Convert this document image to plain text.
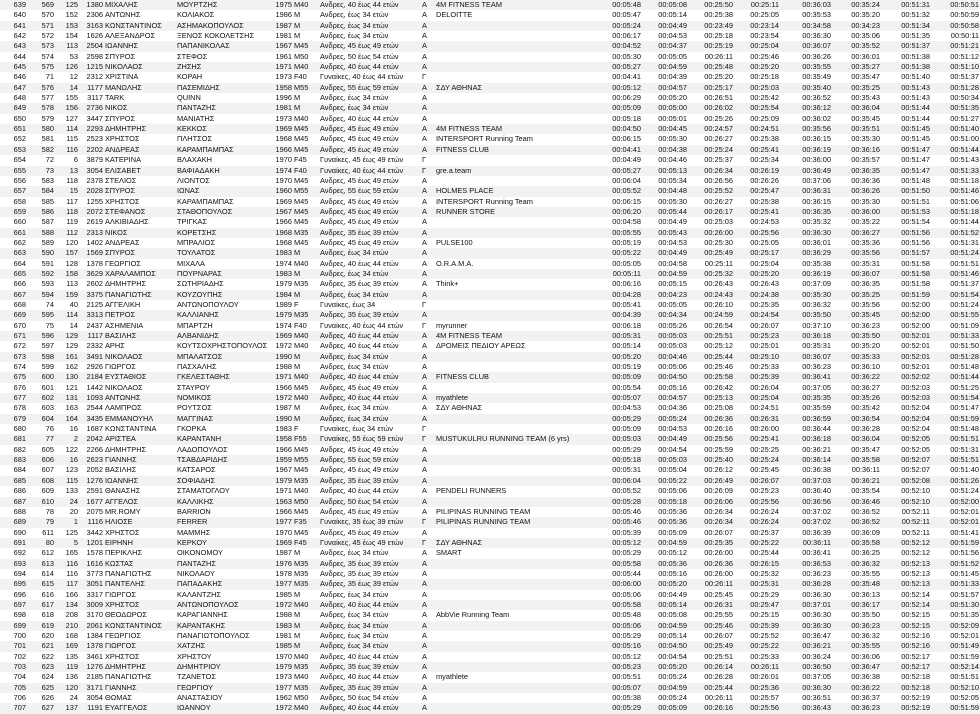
639	569	125	1380	ΜΙΧΑΛΗΣ	ΜΟΥΡΤΖΗΣ	1975	M40	Ανδρες, 40 έως 44 ετών	Α	4M FITNESS TEAM	00:05:48	00:05:08	00:25:50	00:25:11	00:36:03	00:35:24	00:51:31	00:50:51
640	570	152	2306	ΑΝΤΩΝΗΣ	ΚΟΛΙΑΚΟΣ	1986	M	Ανδρες, έως 34 ετών	Α	DELOITTE	00:05:47	00:05:14	00:25:38	00:25:05	00:35:53	00:35:20	00:51:32	00:50:59
641	571	153	3163	ΚΩΝΣΤΑΝΤΙΝΟΣ	ΑΣΗΜΑΚΟΠΟΥΛΟΣ	1987	M	Ανδρες, έως 34 ετών	Α		00:05:24	00:04:49	00:23:49	00:23:14	00:34:58	00:34:23	00:51:34	00:50:58
642	572	154	1626	ΑΛΕΞΑΝΔΡΟΣ	ΞΕΝΟΣ ΚΟΚΟΛΕΤΣΗΣ	1981	M	Ανδρες, έως 34 ετών	Α		00:06:17	00:04:53	00:25:18	00:23:54	00:36:30	00:35:06	00:51:35	00:50:11
643	573	113	2504	ΙΩΑΝΝΗΣ	ΠΑΠΑΝΙΚΟΛΑΣ	1967	M45	Ανδρες, 45 έως 49 ετών	Α		00:04:52	00:04:37	00:25:19	00:25:04	00:36:07	00:35:52	00:51:37	00:51:21
644	574	53	2598	ΣΠΥΡΟΣ	ΣΤΕΦΟΣ	1961	M50	Ανδρες, 50 έως 54 ετών	Α		00:05:30	00:05:05	00:26:11	00:25:46	00:36:26	00:36:01	00:51:38	00:51:12
645	575	126	1215	ΝΙΚΟΛΑΟΣ	ΖΗΣΗΣ	1971	M40	Ανδρες, 40 έως 44 ετών	Α		00:05:27	00:04:59	00:25:48	00:25:20	00:35:55	00:35:27	00:51:38	00:51:10
646	71	12	2312	ΧΡΙΣΤΙΝΑ	ΚΟΡΑΗ	1973	F40	Γυναίκες, 40 έως 44 ετών	Γ		00:04:41	00:04:39	00:25:20	00:25:18	00:35:49	00:35:47	00:51:40	00:51:37
647	576	14	1177	ΜΑΝΩΛΗΣ	ΠΑΣΕΜΙΔΗΣ	1958	M55	Ανδρες, 55 έως 59 ετών	Α	ΣΔΥ ΑΘΗΝΑΣ	00:05:12	00:04:57	00:25:17	00:25:03	00:35:40	00:35:25	00:51:43	00:51:28
648	577	155	3117	TARK	QUINN	1996	M	Ανδρες, έως 34 ετών	Α		00:06:29	00:05:20	00:26:51	00:25:42	00:36:52	00:35:43	00:51:43	00:50:34
649	578	156	2736	ΝΙΚΟΣ	ΠΑΝΤΑΖΗΣ	1981	M	Ανδρες, έως 34 ετών	Α		00:05:09	00:05:00	00:26:02	00:25:54	00:36:12	00:36:04	00:51:44	00:51:35
650	579	127	3447	ΣΠΥΡΟΣ	ΜΑΝΙΑΤΗΣ	1973	M40	Ανδρες, 40 έως 44 ετών	Α		00:05:18	00:05:01	00:25:26	00:25:09	00:36:02	00:35:45	00:51:44	00:51:27
651	580	114	2293	ΔΗΜΗΤΡΗΣ	ΚΕΚΚΟΣ	1969	M45	Ανδρες, 45 έως 49 ετών	Α	4M FITNESS TEAM	00:04:50	00:04:45	00:24:57	00:24:51	00:35:56	00:35:51	00:51:45	00:51:40
652	581	115	2523	ΧΡΗΣΤΟΣ	ΠΛΗΤΣΟΣ	1968	M45	Ανδρες, 45 έως 49 ετών	Α	INTERSPORT Running Team	00:06:15	00:05:30	00:26:27	00:25:38	00:36:15	00:35:30	00:51:45	00:51:00
653	582	116	2202	ΑΝΔΡΕΑΣ	ΚΑΡΑΜΠΑΜΠΑΣ	1966	M45	Ανδρες, 45 έως 49 ετών	Α	FITNESS CLUB	00:04:41	00:04:38	00:25:24	00:25:41	00:36:19	00:36:16	00:51:47	00:51:44
654	72	6	3879	ΚΑΤΕΡΙΝΑ	ΒΛΑΧΑΚΗ	1970	F45	Γυναίκες, 45 έως 49 ετών	Γ		00:04:49	00:04:46	00:25:37	00:25:34	00:36:00	00:35:57	00:51:47	00:51:43
655	73	13	3054	ΕΛΙΣΑΒΕΤ	ΒΑΦΙΑΔΑΚΗ	1974	F40	Γυναίκες, 40 έως 44 ετών	Γ	gre.a.team	00:05:27	00:05:13	00:26:34	00:26:19	00:36:49	00:36:35	00:51:47	00:51:33
656	583	118	2378	ΣΤΕΛΙΟΣ	ΛΙΟΝΤΟΣ	1970	M45	Ανδρες, 45 έως 49 ετών	Α		00:06:04	00:05:34	00:26:56	00:26:26	00:37:06	00:36:36	00:51:48	00:51:18
657	584	15	2028	ΣΠΥΡΟΣ	ΙΩΝΑΣ	1960	M55	Ανδρες, 55 έως 59 ετών	Α	HOLMES PLACE	00:05:52	00:04:48	00:25:52	00:25:47	00:36:31	00:36:26	00:51:50	00:51:46
658	585	117	1255	ΧΡΗΣΤΟΣ	ΚΑΡΑΜΠΑΜΠΑΣ	1969	M45	Ανδρες, 45 έως 49 ετών	Α	INTERSPORT Running Team	00:06:15	00:05:30	00:26:27	00:25:38	00:36:15	00:35:30	00:51:51	00:51:06
659	586	118	2072	ΣΤΕΦΑΝΟΣ	ΣΤΑΘΟΠΟΥΛΟΣ	1967	M45	Ανδρες, 45 έως 49 ετών	Α	RUNNER STORE	00:06:20	00:05:44	00:26:17	00:25:41	00:36:35	00:36:00	00:51:53	00:51:18
660	587	119	2619	ΑΛΚΙΒΙΑΔΗΣ	ΤΡΙΓΚΑΣ	1966	M45	Ανδρες, 45 έως 49 ετών	Α		00:04:58	00:04:49	00:25:03	00:24:53	00:35:32	00:35:22	00:51:54	00:51:44
661	588	112	2313	ΝΙΚΟΣ	ΚΟΡΕΤΣΗΣ	1968	M35	Ανδρες, 35 έως 39 ετών	Α		00:05:55	00:05:43	00:26:00	00:25:56	00:36:30	00:36:27	00:51:56	00:51:52
662	589	120	1402	ΑΝΔΡΕΑΣ	ΜΠΡΑΛΙΟΣ	1968	M45	Ανδρες, 45 έως 49 ετών	Α	PULSE100	00:05:19	00:04:53	00:25:30	00:25:05	00:36:01	00:35:36	00:51:56	00:51:31
663	590	157	1569	ΣΠΥΡΟΣ	ΤΟΥΛΑΤΟΣ	1983	M	Ανδρες, έως 34 ετών	Α		00:05:22	00:04:49	00:25:49	00:25:17	00:36:29	00:35:56	00:51:57	00:51:24
664	591	128	1378	ΓΕΩΡΓΙΟΣ	ΜΙΧΑΛΑ	1974	M40	Ανδρες, 40 έως 44 ετών	Α	O.R.A.M.A.	00:05:05	00:04:58	00:25:11	00:25:04	00:35:38	00:35:31	00:51:58	00:51:51
665	592	158	3629	ΧΑΡΑΛΑΜΠΟΣ	ΠΟΥΡΝΑΡΑΣ	1983	M	Ανδρες, έως 34 ετών	Α		00:05:11	00:04:59	00:25:32	00:25:20	00:36:19	00:36:07	00:51:58	00:51:46
666	593	113	2602	ΔΗΜΗΤΡΗΣ	ΣΩΤΗΡΙΑΔΗΣ	1979	M35	Ανδρες, 35 έως 39 ετών	Α	Think+	00:06:16	00:05:15	00:26:43	00:26:43	00:37:09	00:36:35	00:51:58	00:51:37
667	594	159	3375	ΠΑΝΑΓΙΩΤΗΣ	ΚΟΥΖΟΥΠΗΣ	1984	M	Ανδρες, έως 34 ετών	Α		00:04:28	00:04:23	00:24:43	00:24:38	00:35:30	00:35:25	00:51:59	00:51:54
668	74	40	2125	ΑΓΓΕΛΙΚΗ	ΑΝΤΩΝΟΠΟΥΛΟΥ	1989	F	Γυναίκες, έως 34	Γ		00:05:41	00:05:05	00:26:10	00:25:35	00:36:32	00:35:56	00:52:00	00:51:24
669	595	114	3313	ΠΕΤΡΟΣ	ΚΑΛΛΙΑΝΗΣ	1979	M35	Ανδρες, 35 έως 39 ετών	Α		00:04:39	00:04:34	00:24:59	00:24:54	00:35:50	00:35:45	00:52:00	00:51:55
670	75	14	2437	ΑΣΗΜΕΝΙΑ	ΜΠΑΡΤΖΗ	1974	F40	Γυναίκες, 40 έως 44 ετών	Γ	myrunner	00:06:18	00:05:26	00:26:54	00:26:07	00:37:10	00:36:23	00:52:00	00:51:09
671	596	129	1117	ΒΑΣΙΛΗΣ	ΑΛΒΑΝΙΔΗΣ	1969	M40	Ανδρες, 40 έως 44 ετών	Α	4M FITNESS TEAM	00:05:31	00:05:03	00:25:51	00:25:23	00:36:18	00:35:50	00:52:01	00:51:33
672	597	129	2332	ΑΡΗΣ	ΚΟΥΤΣΟΧΡΗΣΤΟΠΟΥΛΟΣ	1972	M40	Ανδρες, 40 έως 44 ετών	Α	ΔΡΟΜΕΙΣ ΠΕΔΙΟΥ ΑΡΕΩΣ	00:05:14	00:05:03	00:25:12	00:25:01	00:35:31	00:35:20	00:52:01	00:51:50
673	598	161	3491	ΝΙΚΟΛΑΟΣ	ΜΠΑΛΑΤΣΟΣ	1990	M	Ανδρες, έως 34 ετών	Α		00:05:20	00:04:46	00:25:44	00:25:10	00:36:07	00:35:33	00:52:01	00:51:28
674	599	162	2926	ΓΙΩΡΓΟΣ	ΠΑΣΧΑΛΗΣ	1988	M	Ανδρες, έως 34 ετών	Α		00:05:19	00:05:06	00:25:46	00:25:33	00:36:23	00:36:10	00:52:01	00:51:48
675	600	130	2184	ΕΥΣΤΑΘΙΟΣ	ΓΚΕΛΕΣΤΑΘΗΣ	1971	M40	Ανδρες, 40 έως 44 ετών	Α	FITNESS CLUB	00:05:09	00:04:50	00:25:58	00:25:39	00:36:41	00:36:22	00:52:02	00:51:44
676	601	121	1442	ΝΙΚΟΛΑΟΣ	ΣΤΑΥΡΟΥ	1966	M45	Ανδρες, 45 έως 49 ετών	Α		00:05:54	00:05:16	00:26:42	00:26:04	00:37:05	00:36:27	00:52:03	00:51:25
677	602	131	1093	ΑΝΤΩΝΗΣ	ΝΟΜΙΚΟΣ	1972	M40	Ανδρες, 40 έως 44 ετών	Α	myathlete	00:05:07	00:04:57	00:25:13	00:25:04	00:35:35	00:35:26	00:52:03	00:51:54
678	603	163	2544	ΛΑΜΠΡΟΣ	ΡΟΥΤΣΟΣ	1987	M	Ανδρες, έως 34 ετών	Α	ΣΔΥ ΑΘΗΝΑΣ	00:04:53	00:04:36	00:25:08	00:24:51	00:35:59	00:35:42	00:52:04	00:51:47
679	604	164	3435	ΕΜΜΑΝΟΥΗΛ	ΜΑΓΓΙΝΑΣ	1990	M	Ανδρες, έως 34 ετών	Α		00:05:29	00:05:24	00:26:36	00:26:31	00:36:59	00:36:54	00:52:04	00:51:59
680	76	16	1687	ΚΩΝΣΤΑΝΤΙΝΑ	ΓΚΟΡΚΑ	1983	F	Γυναίκες, έως 34 ετών	Γ		00:05:09	00:04:53	00:26:16	00:26:00	00:36:44	00:36:28	00:52:04	00:51:48
681	77	2	2042	ΑΡΙΣΤΕΑ	ΚΑΡΑΝΤΑΝΗ	1958	F55	Γυναίκες, 55 έως 59 ετών	Γ	MUSTUKULRU RUNNING TEAM (6 yrs)	00:05:03	00:04:49	00:25:56	00:25:41	00:36:18	00:36:04	00:52:05	00:51:51
682	605	122	2266	ΔΗΜΗΤΡΗΣ	ΛΑΔΟΠΟΥΛΟΣ	1966	M45	Ανδρες, 45 έως 49 ετών	Α		00:05:29	00:04:54	00:25:59	00:25:25	00:36:21	00:35:47	00:52:05	00:51:31
683	606	16	2623	ΓΙΑΝΝΗΣ	ΤΣΑΒΔΑΡΙΔΗΣ	1959	M55	Ανδρες, 55 έως 59 ετών	Α		00:05:18	00:05:03	00:25:40	00:25:24	00:36:14	00:35:58	00:52:07	00:51:51
684	607	123	2052	ΒΑΣΙΛΗΣ	ΚΑΤΣΑΡΟΣ	1967	M45	Ανδρες, 45 έως 49 ετών	Α		00:05:31	00:05:04	00:26:12	00:25:45	00:36:38	00:36:11	00:52:07	00:51:40
685	608	115	1276	ΙΩΑΝΝΗΣ	ΣΟΦΙΑΔΗΣ	1979	M35	Ανδρες, 35 έως 39 ετών	Α		00:06:04	00:05:22	00:26:49	00:26:07	00:37:03	00:36:21	00:52:08	00:51:26
686	609	133	2591	ΘΑΝΑΣΗΣ	ΣΤΑΜΑΤΟΓΛΟΥ	1971	M40	Ανδρες, 40 έως 44 ετών	Α	PENDELI RUNNERS	00:05:52	00:05:06	00:26:09	00:25:23	00:36:40	00:35:54	00:52:10	00:51:24
687	610	24	1677	ΑΓΓΕΛΟΣ	ΚΑΛΛΙΚΗΣ	1963	M50	Ανδρες, 50 έως 54 ετών	Α		00:05:28	00:05:18	00:26:06	00:25:56	00:36:56	00:36:46	00:52:10	00:52:00
688	78	20	2075	MR.ROMY	BARRION	1966	M45	Ανδρες, 45 έως 49 ετών	Α	PILIPINAS RUNNING TEAM	00:05:46	00:05:36	00:26:34	00:26:24	00:37:02	00:36:52	00:52:11	00:52:01
689	79	1	1116	ΗΛΙΟΣΕ	FERRER	1977	F35	Γυναίκες, 35 έως 39 ετών	Γ	PILIPINAS RUNNING TEAM	00:05:46	00:05:36	00:26:34	00:26:24	00:37:02	00:36:52	00:52:11	00:52:01
690	611	125	3442	ΧΡΗΣΤΟΣ	ΜΑΜΜΗΣ	1970	M45	Ανδρες, 45 έως 49 ετών	Α		00:05:39	00:05:09	00:26:07	00:25:37	00:36:39	00:36:09	00:52:11	00:51:41
691	80	5	1201	ΕΙΡΗΝΗ	ΚΕΡΚΟΥ	1969	F45	Γυναίκες, 45 έως 49 ετών	Γ	ΣΔΥ ΑΘΗΝΑΣ	00:05:12	00:04:59	00:25:35	00:25:22	00:36:11	00:35:58	00:52:12	00:51:59
692	612	165	1578	ΠΕΡΙΚΛΗΣ	ΟΙΚΟΝΟΜΟΥ	1987	M	Ανδρες, έως 34 ετών	Α	SMART	00:05:29	00:05:12	00:26:00	00:25:44	00:36:41	00:36:25	00:52:12	00:51:56
693	613	116	1616	ΚΩΣΤΑΣ	ΠΑΝΤΑΖΗΣ	1976	M35	Ανδρες, 35 έως 39 ετών	Α		00:05:58	00:05:36	00:26:36	00:26:15	00:36:53	00:36:32	00:52:13	00:51:52
694	614	116	3773	ΠΑΝΑΓΙΩΤΗΣ	ΝΙΚΟΛΑΟΥ	1978	M35	Ανδρες, 35 έως 39 ετών	Α		00:05:44	00:05:16	00:26:00	00:25:32	00:36:23	00:35:55	00:52:13	00:51:45
695	615	117	3051	ΠΑΝΤΕΛΗΣ	ΠΑΠΑΔΑΚΗΣ	1977	M35	Ανδρες, 35 έως 39 ετών	Α		00:06:00	00:05:20	00:26:11	00:25:31	00:36:28	00:35:48	00:52:13	00:51:33
696	616	166	3317	ΓΙΩΡΓΟΣ	ΚΑΛΑΝΤΖΗΣ	1985	M	Ανδρες, έως 34 ετών	Α		00:05:06	00:04:49	00:25:45	00:25:29	00:36:30	00:36:13	00:52:14	00:51:57
697	617	134	3009	ΧΡΗΣΤΟΣ	ΑΝΤΩΝΟΠΟΥΛΟΣ	1972	M40	Ανδρες, 40 έως 44 ετών	Α		00:05:58	00:05:14	00:26:31	00:25:47	00:37:01	00:36:17	00:52:14	00:51:30
698	618	208	3170	ΘΕΟΔΩΡΟΣ	ΚΑΡΑΓΙΑΝΝΗΣ	1988	M	Ανδρες, έως 34 ετών	Α	AbbVie Running Team	00:05:48	00:05:08	00:25:55	00:25:15	00:36:30	00:35:50	00:52:15	00:51:35
699	619	210	2061	ΚΩΝΣΤΑΝΤΙΝΟΣ	ΚΑΡΑΝΤΑΚΗΣ	1983	M	Ανδρες, έως 34 ετών	Α		00:05:06	00:04:59	00:25:46	00:25:39	00:36:30	00:36:23	00:52:15	00:52:09
700	620	168	1384	ΓΕΩΡΓΙΟΣ	ΠΑΝΑΓΙΩΤΟΠΟΥΛΟΣ	1981	M	Ανδρες, έως 34 ετών	Α		00:05:29	00:05:14	00:26:07	00:25:52	00:36:47	00:36:32	00:52:16	00:52:01
701	621	169	1378	ΓΙΩΡΓΟΣ	ΧΑΤΖΗΣ	1985	M	Ανδρες, έως 34 ετών	Α		00:05:16	00:04:50	00:25:49	00:25:22	00:36:21	00:35:55	00:52:16	00:51:49
702	622	135	3461	ΧΡΗΣΤΟΣ	ΧΡΗΣΤΟΥ	1970	M40	Ανδρες, 40 έως 44 ετών	Α		00:05:12	00:04:54	00:25:51	00:25:33	00:36:24	00:36:06	00:52:17	00:51:59
703	623	119	1276	ΔΗΜΗΤΡΗΣ	ΔΗΜΗΤΡΙΟΥ	1979	M35	Ανδρες, 35 έως 39 ετών	Α		00:05:23	00:05:20	00:26:14	00:26:11	00:36:50	00:36:47	00:52:17	00:52:14
704	624	136	2185	ΠΑΝΑΓΙΩΤΗΣ	ΤΖΑΝΕΤΟΣ	1973	M40	Ανδρες, 40 έως 44 ετών	Α	myathlete	00:05:51	00:05:24	00:26:28	00:26:01	00:37:05	00:36:38	00:52:18	00:51:51
705	625	120	3171	ΓΙΑΝΝΗΣ	ΓΕΩΡΓΙΟΥ	1977	M35	Ανδρες, 35 έως 39 ετών	Α		00:05:07	00:04:59	00:25:44	00:25:36	00:36:30	00:36:22	00:52:18	00:52:10
706	626	24	3054	ΘΩΜΑΣ	ΑΝΑΣΤΑΣΙΟΥ	1962	M50	Ανδρες, 50 έως 54 ετών	Α		00:05:38	00:05:24	00:26:11	00:25:57	00:36:51	00:36:37	00:52:19	00:52:05
707	627	137	1191	ΕΥΑΓΓΕΛΟΣ	ΙΩΑΝΝΟΥ	1972	M40	Ανδρες, 40 έως 44 ετών	Α		00:05:29	00:05:09	00:26:16	00:25:56	00:36:43	00:36:23	00:52:19	00:51:59
